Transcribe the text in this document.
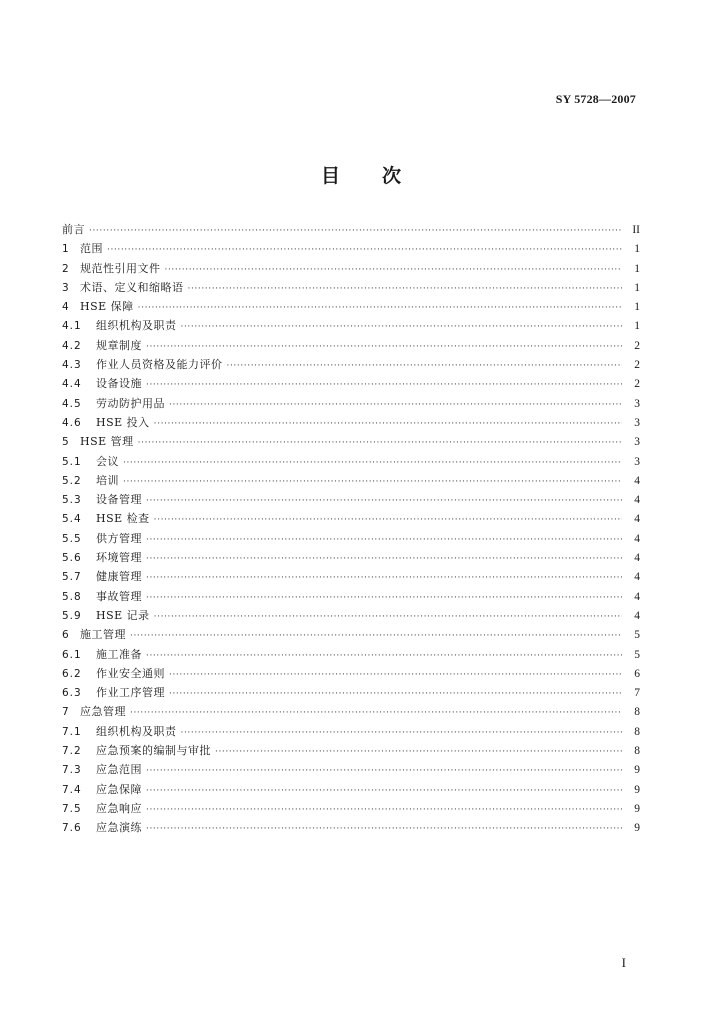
SY 5728—2007
目 次
前言 ·····	II
1 范围 ·····	1
2 规范性引用文件 ·····	1
3 术语、定义和缩略语 ·····	1
4 HSE 保障 ·····	1
4.1	组织机构及职责 ·····	1
4.2	规章制度 ·····	2
4.3	作业人员资格及能力评价 ·····	2
4.4	设备设施 ·····	2
4.5	劳动防护用品 ·····	3
4.6	HSE 投入 ·····	3
5 HSE 管理 ·····	3
5.1	会议 ·····	3
5.2	培训 ·····	4
5.3	设备管理 ·····	4
5.4	HSE 检查 ·····	4
5.5	供方管理 ·····	4
5.6	环境管理 ·····	4
5.7	健康管理 ·····	4
5.8	事故管理 ·····	4
5.9	HSE 记录 ·····	4
6 施工管理 ·····	5
6.1	施工准备 ·····	5
6.2	作业安全通则 ·····	6
6.3	作业工序管理 ·····	7
7 应急管理 ·····	8
7.1	组织机构及职责 ·····	8
7.2	应急预案的编制与审批 ·····	8
7.3	应急范围 ·····	9
7.4	应急保障 ·····	9
7.5	应急响应 ·····	9
7.6	应急演练 ·····	9
I
